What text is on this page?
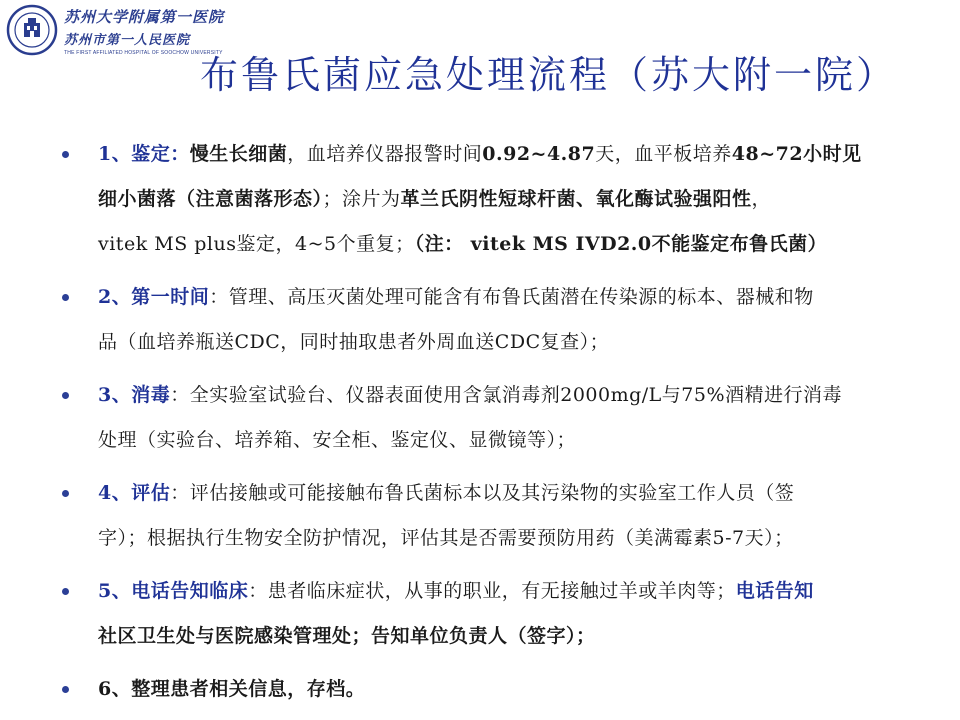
苏州大学附属第一医院
苏州市第一人民医院
THE FIRST AFFILIATED HOSPITAL OF SOOCHOW UNIVERSITY
布鲁氏菌应急处理流程（苏大附一院）
1、鉴定：慢生长细菌，血培养仪器报警时间0.92~4.87天，血平板培养48~72小时见
细小菌落（注意菌落形态）；涂片为革兰氏阴性短球杆菌、氧化酶试验强阳性，
vitek MS plus鉴定，4~5个重复；（注： vitek MS IVD2.0不能鉴定布鲁氏菌）
2、第一时间：管理、高压灭菌处理可能含有布鲁氏菌潜在传染源的标本、器械和物
品（血培养瓶送CDC，同时抽取患者外周血送CDC复查）；
3、消毒：全实验室试验台、仪器表面使用含氯消毒剂2000mg/L与75%酒精进行消毒
处理（实验台、培养箱、安全柜、鉴定仪、显微镜等）；
4、评估：评估接触或可能接触布鲁氏菌标本以及其污染物的实验室工作人员（签
字）；根据执行生物安全防护情况，评估其是否需要预防用药（美满霉素5-7天）；
5、电话告知临床：患者临床症状，从事的职业，有无接触过羊或羊肉等；电话告知
社区卫生处与医院感染管理处；告知单位负责人（签字）；
6、整理患者相关信息，存档。
